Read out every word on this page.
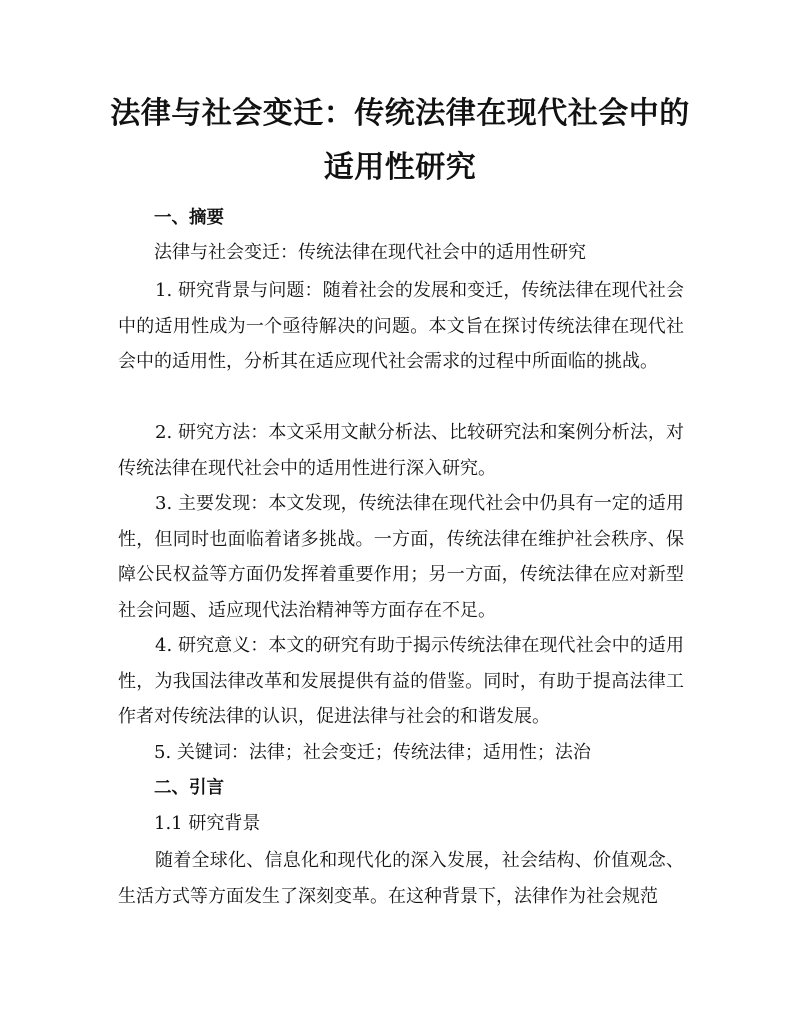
法律与社会变迁：传统法律在现代社会中的
适用性研究
一、摘要
法律与社会变迁：传统法律在现代社会中的适用性研究
1. 研究背景与问题：随着社会的发展和变迁，传统法律在现代社会中的适用性成为一个亟待解决的问题。本文旨在探讨传统法律在现代社会中的适用性，分析其在适应现代社会需求的过程中所面临的挑战。
2. 研究方法：本文采用文献分析法、比较研究法和案例分析法，对传统法律在现代社会中的适用性进行深入研究。
3. 主要发现：本文发现，传统法律在现代社会中仍具有一定的适用性，但同时也面临着诸多挑战。一方面，传统法律在维护社会秩序、保障公民权益等方面仍发挥着重要作用；另一方面，传统法律在应对新型社会问题、适应现代法治精神等方面存在不足。
4. 研究意义：本文的研究有助于揭示传统法律在现代社会中的适用性，为我国法律改革和发展提供有益的借鉴。同时，有助于提高法律工作者对传统法律的认识，促进法律与社会的和谐发展。
5. 关键词：法律；社会变迁；传统法律；适用性；法治
二、引言
1.1 研究背景
随着全球化、信息化和现代化的深入发展，社会结构、价值观念、生活方式等方面发生了深刻变革。在这种背景下，法律作为社会规范
